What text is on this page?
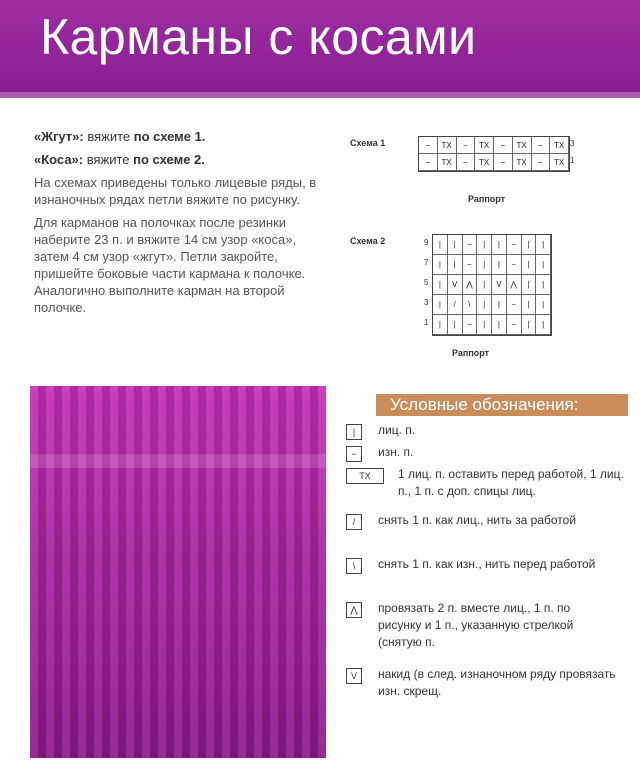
Карманы с косами

«Жгут»: вяжите по схеме 1.

«Коса»: вяжите по схеме 2.

На схемах приведены только лицевые ряды, в изнаночных рядах петли вяжите по рисунку.

Для карманов на полочках после резинки наберите 23 п. и вяжите 14 см узор «коса», затем 4 см узор «жгут». Петли закройте, пришейте боковые части кармана к полочке. Аналогично выполните карман на второй полочке.

Схема 1	−	TX	−	TX	−	TX	−	TX
−	TX	−	TX	−	TX	−	TX
3
1
Раппорт
Схема 2	|	|	−	|	|	−	|	|
|	|	−	|	|	−	|	|
|	V	⋀	|	V	⋀	|	|
|	/	\	|	|	−	|	|
|	|	−	|	|	−	|	|
9
7
5
3
1
Раппорт
Условные обозначения:
|	лиц. п.
−	изн. п.
TX	1 лиц. п. оставить перед работой, 1 лиц. п., 1 п. с доп. спицы лиц.
/	снять 1 п. как лиц., нить за работой
\	снять 1 п. как изн., нить перед работой
⋀	провязать 2 п. вместе лиц., 1 п. по рисунку и 1 п., указанную стрелкой (снятую п.
V	накид (в след. изнаночном ряду провязать изн. скрещ.
